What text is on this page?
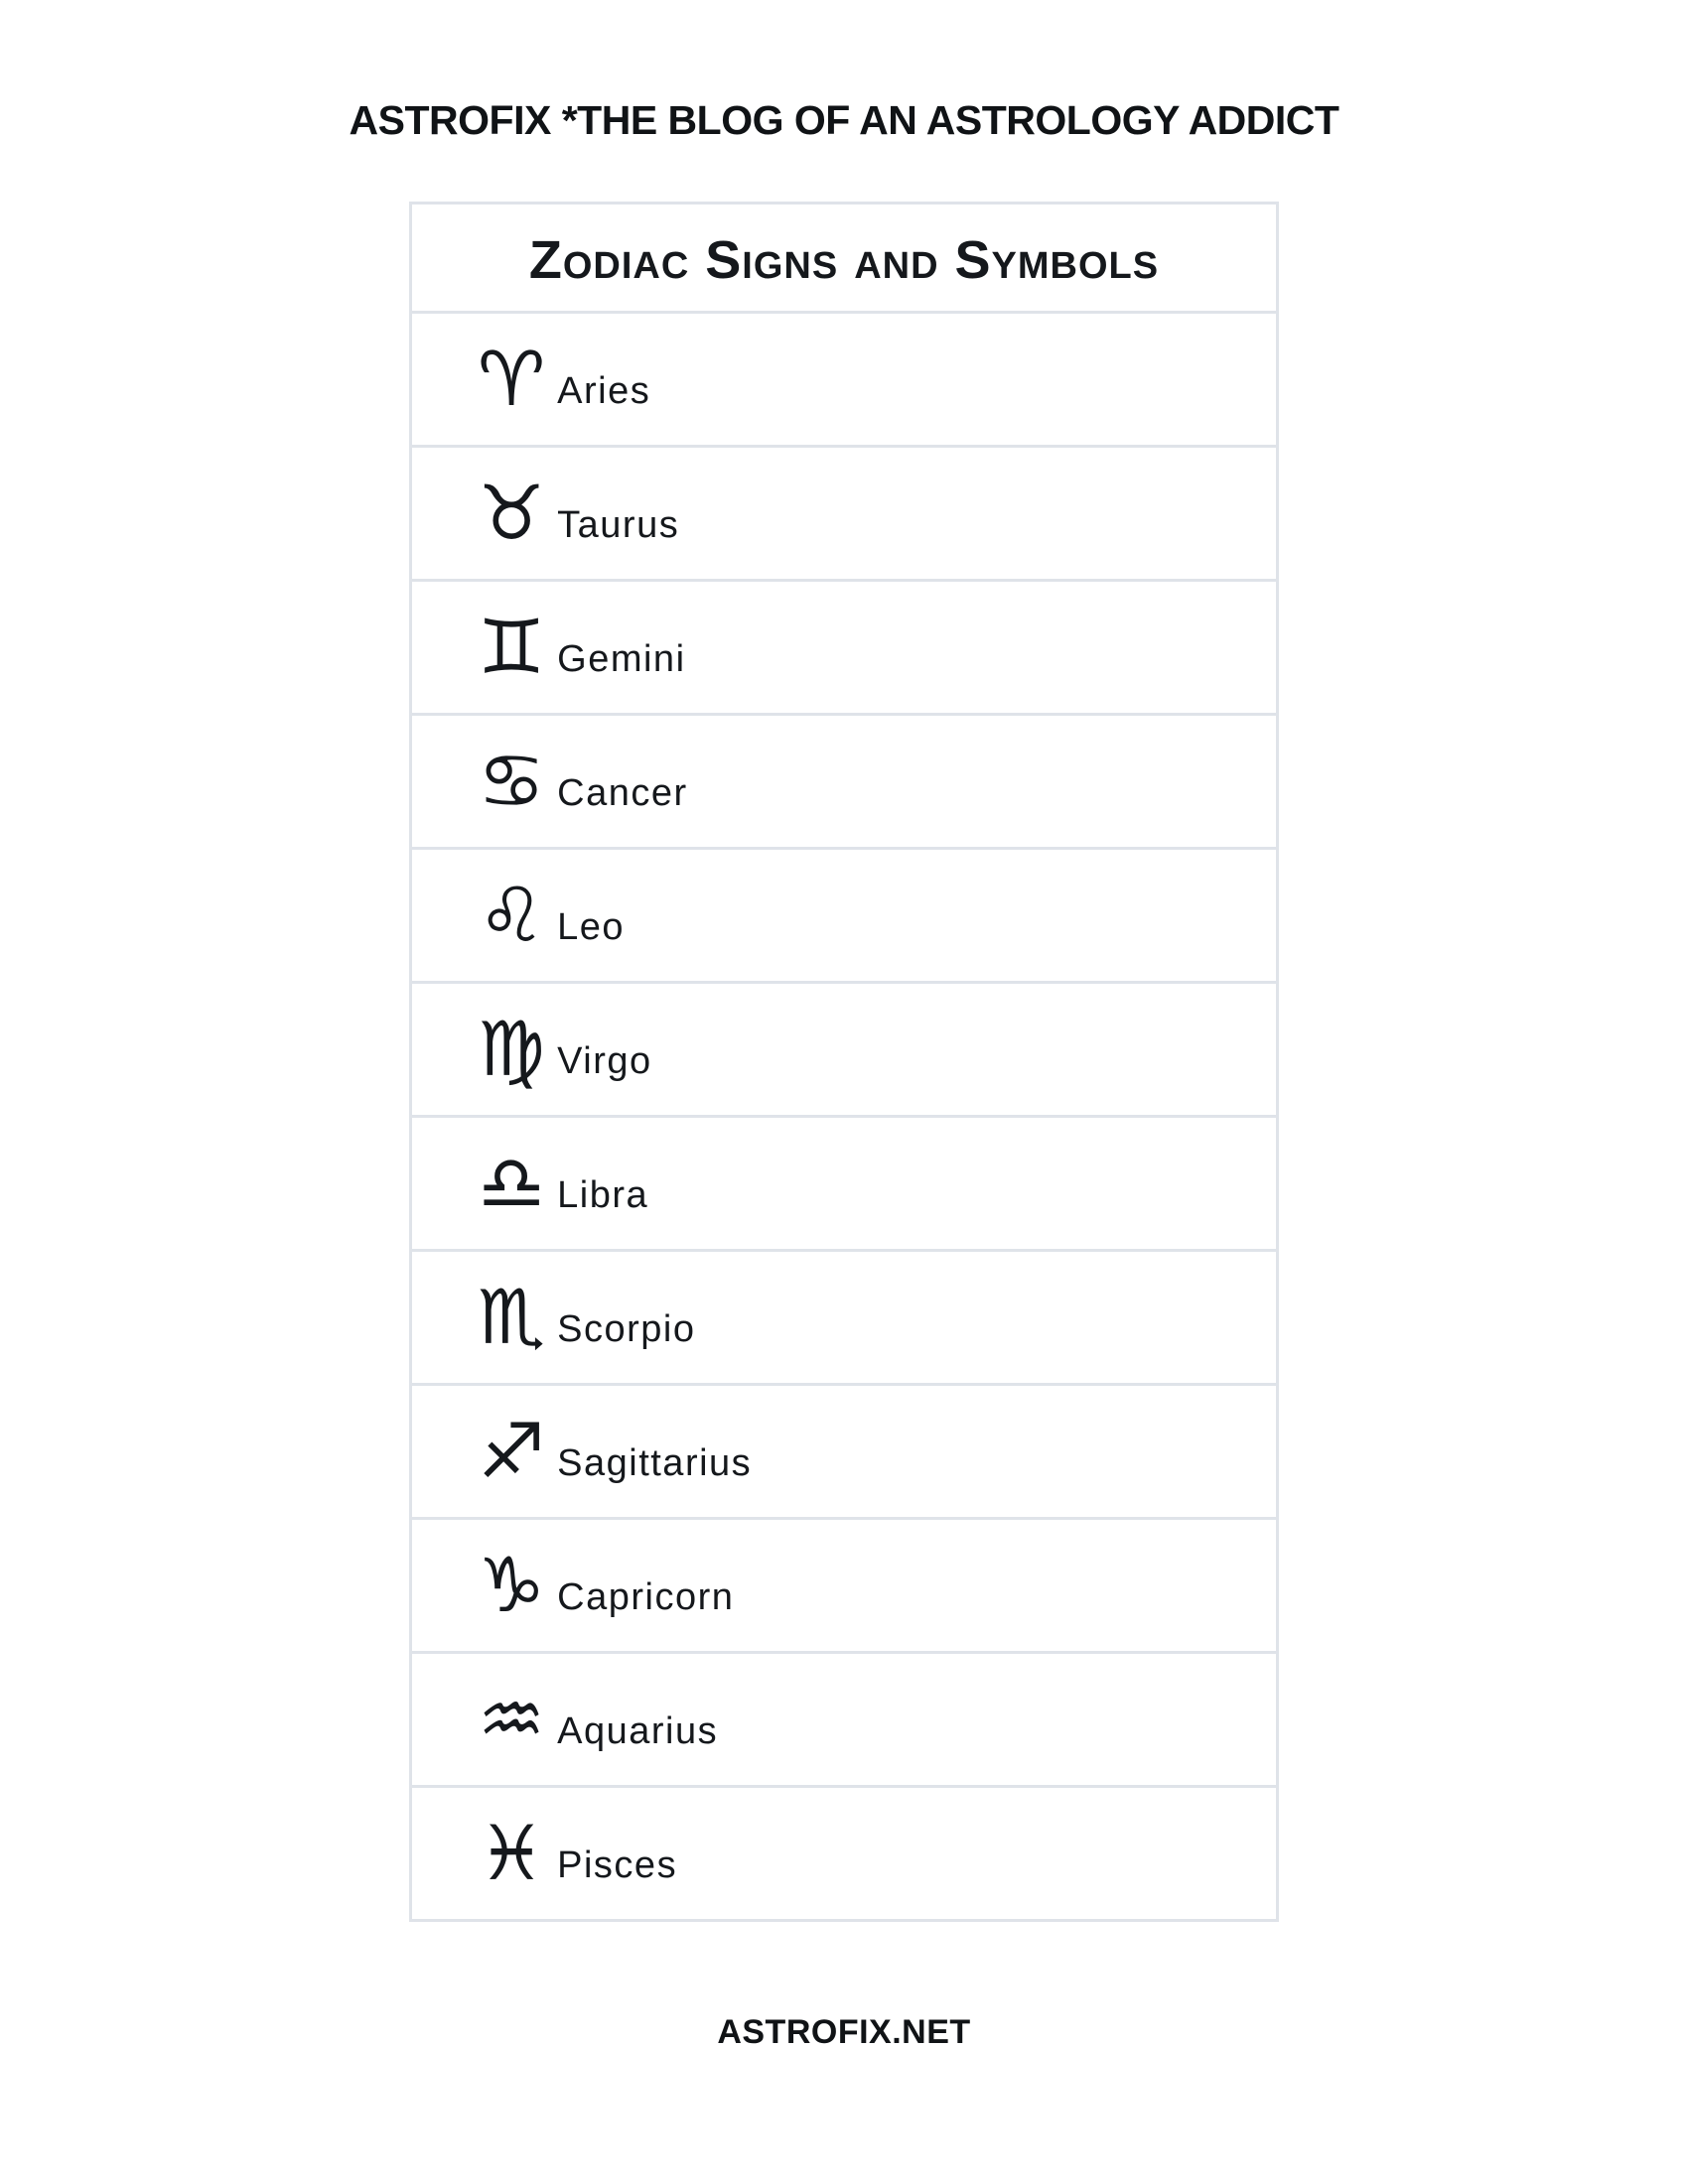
ASTROFIX *THE BLOG OF AN ASTROLOGY ADDICT
Zodiac Signs and Symbols

♈ Aries

♉ Taurus

♊ Gemini

♋ Cancer

♌ Leo

♍ Virgo

♎ Libra

♏ Scorpio

♐ Sagittarius

♑ Capricorn

♒ Aquarius

♓ Pisces
ASTROFIX.NET
